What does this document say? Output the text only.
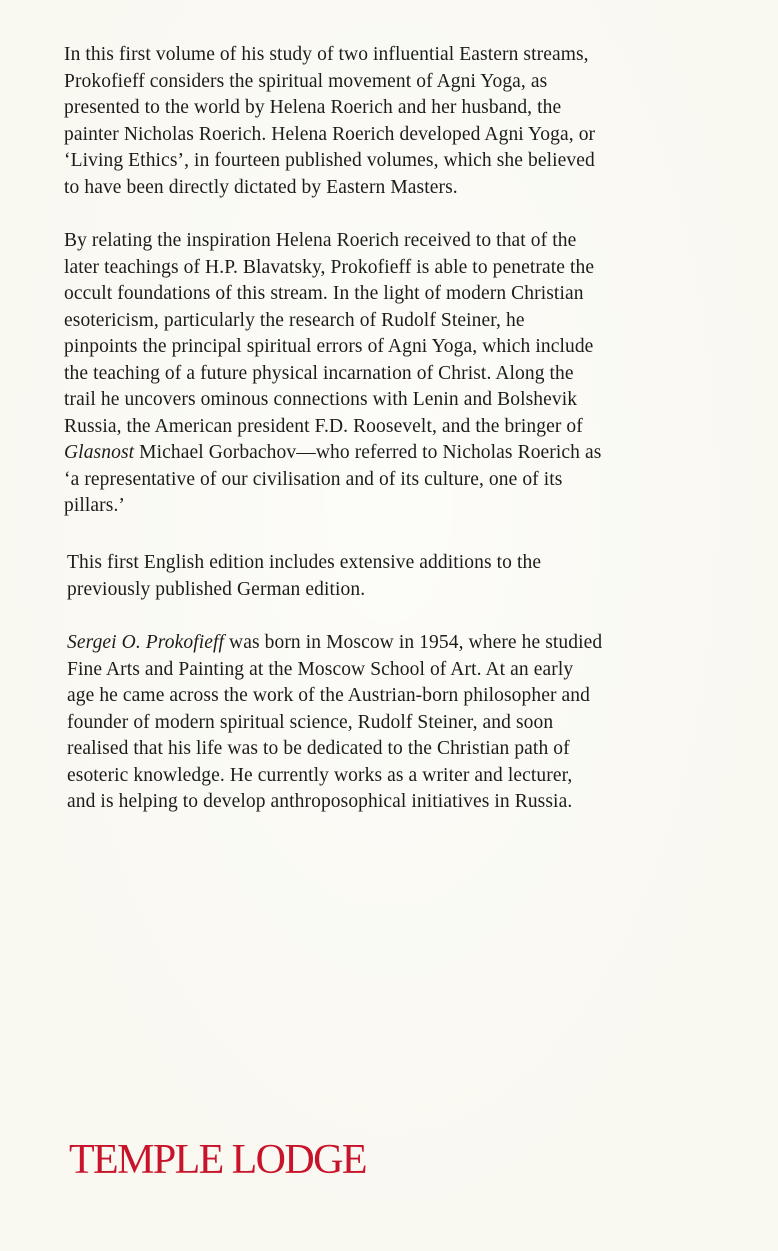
In this first volume of his study of two influential Eastern streams,
Prokofieff considers the spiritual movement of Agni Yoga, as
presented to the world by Helena Roerich and her husband, the
painter Nicholas Roerich. Helena Roerich developed Agni Yoga, or
‘Living Ethics’, in fourteen published volumes, which she believed
to have been directly dictated by Eastern Masters.

By relating the inspiration Helena Roerich received to that of the
later teachings of H.P. Blavatsky, Prokofieff is able to penetrate the
occult foundations of this stream. In the light of modern Christian
esotericism, particularly the research of Rudolf Steiner, he
pinpoints the principal spiritual errors of Agni Yoga, which include
the teaching of a future physical incarnation of Christ. Along the
trail he uncovers ominous connections with Lenin and Bolshevik
Russia, the American president F.D. Roosevelt, and the bringer of
Glasnost Michael Gorbachov—who referred to Nicholas Roerich as
‘a representative of our civilisation and of its culture, one of its
pillars.’

This first English edition includes extensive additions to the
previously published German edition.

Sergei O. Prokofieff was born in Moscow in 1954, where he studied
Fine Arts and Painting at the Moscow School of Art. At an early
age he came across the work of the Austrian-born philosopher and
founder of modern spiritual science, Rudolf Steiner, and soon
realised that his life was to be dedicated to the Christian path of
esoteric knowledge. He currently works as a writer and lecturer,
and is helping to develop anthroposophical initiatives in Russia.

TEMPLE LODGE
